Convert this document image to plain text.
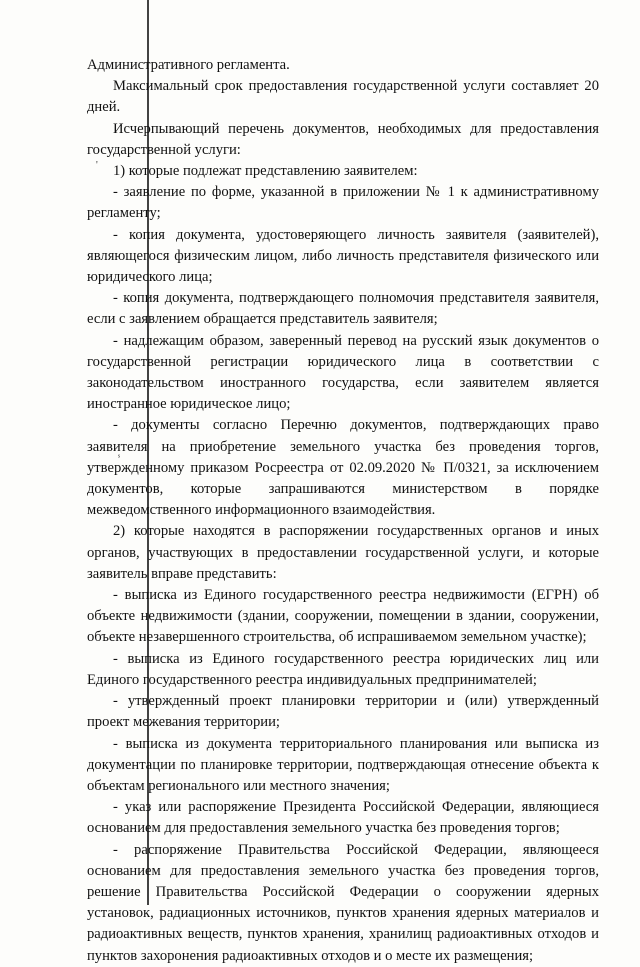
'
ˢ

Административного регламента.

Максимальный срок предоставления государственной услуги составляет 20 дней.

Исчерпывающий перечень документов, необходимых для предоставления государственной услуги:

1) которые подлежат представлению заявителем:

- заявление по форме, указанной в приложении № 1 к административному регламенту;

- копия документа, удостоверяющего личность заявителя (заявителей), являющегося физическим лицом, либо личность представителя физического или юридического лица;

- копия документа, подтверждающего полномочия представителя заявителя, если с заявлением обращается представитель заявителя;

- надлежащим образом, заверенный перевод на русский язык документов о государственной регистрации юридического лица в соответствии с законодательством иностранного государства, если заявителем является иностранное юридическое лицо;

- документы согласно Перечню документов, подтверждающих право заявителя на приобретение земельного участка без проведения торгов, утвержденному приказом Росреестра от 02.09.2020 № П/0321, за исключением документов, которые запрашиваются министерством в порядке межведомственного информационного взаимодействия.

2) которые находятся в распоряжении государственных органов и иных органов, участвующих в предоставлении государственной услуги, и которые заявитель вправе представить:

- выписка из Единого государственного реестра недвижимости (ЕГРН) об объекте недвижимости (здании, сооружении, помещении в здании, сооружении, объекте незавершенного строительства, об испрашиваемом земельном участке);

- выписка из Единого государственного реестра юридических лиц или Единого государственного реестра индивидуальных предпринимателей;

- утвержденный проект планировки территории и (или) утвержденный проект межевания территории;

- выписка из документа территориального планирования или выписка из документации по планировке территории, подтверждающая отнесение объекта к объектам регионального или местного значения;

- указ или распоряжение Президента Российской Федерации, являющиеся основанием для предоставления земельного участка без проведения торгов;

- распоряжение Правительства Российской Федерации, являющееся основанием для предоставления земельного участка без проведения торгов, решение Правительства Российской Федерации о сооружении ядерных установок, радиационных источников, пунктов хранения ядерных материалов и радиоактивных веществ, пунктов хранения, хранилищ радиоактивных отходов и пунктов захоронения радиоактивных отходов и о месте их размещения;
